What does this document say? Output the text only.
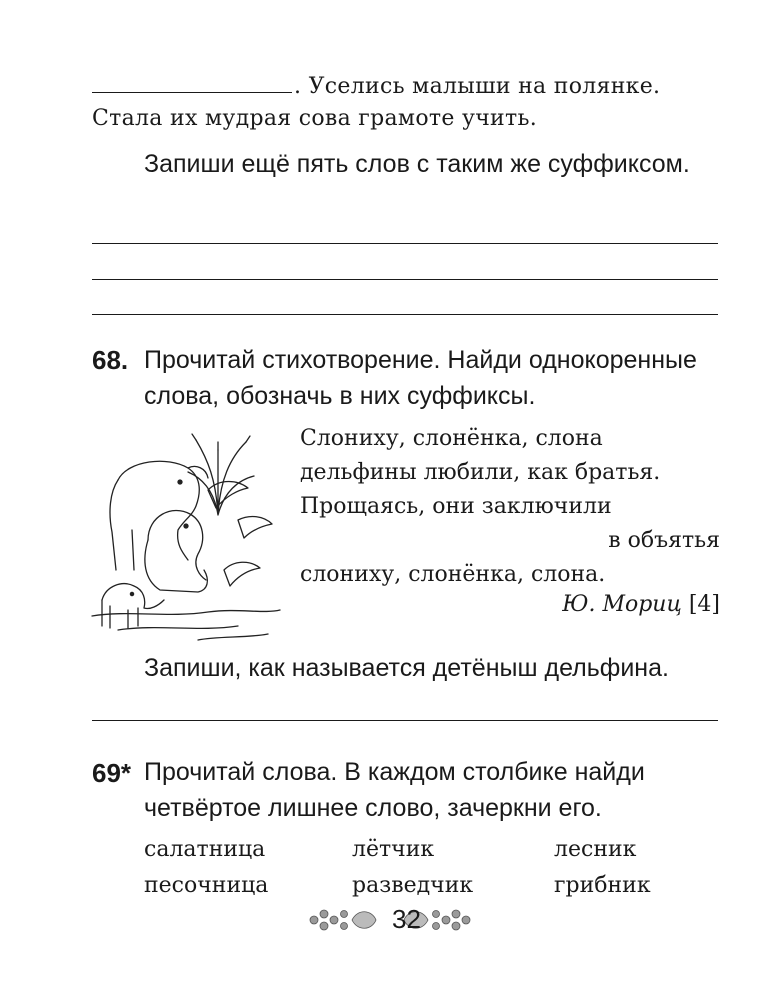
. Уселись малыши на полянке.
Стала их мудрая сова грамоте учить.
Запиши ещё пять слов с таким же суффиксом.
68. Прочитай стихотворение. Найди однокоренные слова, обозначь в них суффиксы.
Слониху, слонёнка, слона
дельфины любили, как братья.
Прощаясь, они заключили
в объятья
слониху, слонёнка, слона.
Ю. Мориц [4]
Запиши, как называется детёныш дельфина.
69* Прочитай слова. В каждом столбике найди четвёртое лишнее слово, зачеркни его.
салатница
песочница
лётчик
разведчик
лесник
грибник
32
